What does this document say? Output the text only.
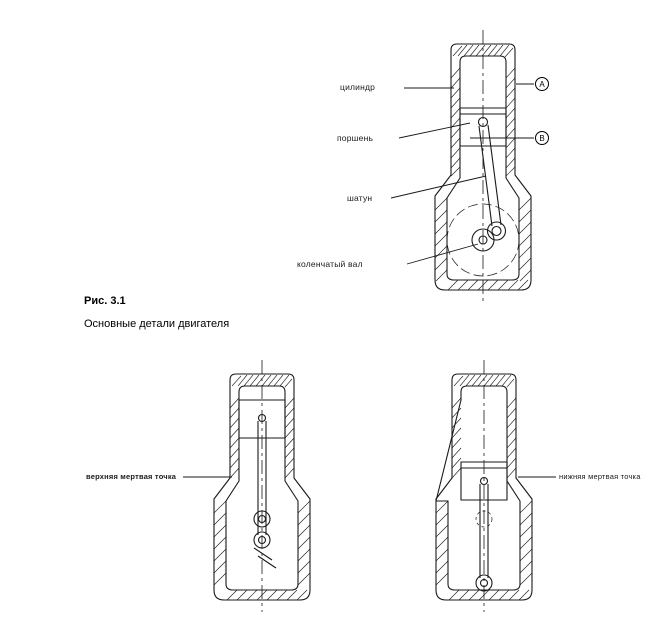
цилиндр
поршень
шатун
коленчатый вал
A
B
Рис. 3.1
Основные детали двигателя
верхняя мертвая точка	нижняя мертвая точка
